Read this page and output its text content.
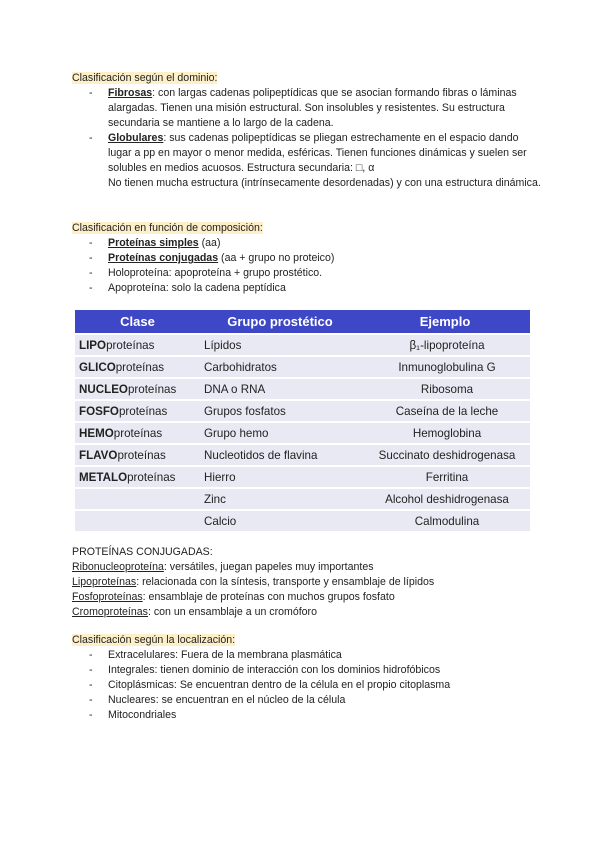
Clasificación según el dominio:
- Fibrosas: con largas cadenas polipeptídicas que se asocian formando fibras o láminas alargadas. Tienen una misión estructural. Son insolubles y resistentes. Su estructura secundaria se mantiene a lo largo de la cadena.
- Globulares: sus cadenas polipeptídicas se pliegan estrechamente en el espacio dando lugar a pp en mayor o menor medida, esféricas. Tienen funciones dinámicas y suelen ser solubles en medios acuosos. Estructura secundaria: □, α
No tienen mucha estructura (intrínsecamente desordenadas) y con una estructura dinámica.
Clasificación en función de composición:
- Proteínas simples (aa)
- Proteínas conjugadas (aa + grupo no proteico)
- Holoproteína: apoproteína + grupo prostético.
- Apoproteína: solo la cadena peptídica
Clase	Grupo prostético	Ejemplo
LIPOproteínas	Lípidos	β₁-lipoproteína
GLICOproteínas	Carbohidratos	Inmunoglobulina G
NUCLEOproteínas	DNA o RNA	Ribosoma
FOSFOproteínas	Grupos fosfatos	Caseína de la leche
HEMOproteínas	Grupo hemo	Hemoglobina
FLAVOproteínas	Nucleotidos de flavina	Succinato deshidrogenasa
METALOproteínas	Hierro	Ferritina
	Zinc	Alcohol deshidrogenasa
	Calcio	Calmodulina
PROTEÍNAS CONJUGADAS:
Ribonucleoproteína: versátiles, juegan papeles muy importantes
Lipoproteínas: relacionada con la síntesis, transporte y ensamblaje de lípidos
Fosfoproteínas: ensamblaje de proteínas con muchos grupos fosfato
Cromoproteínas: con un ensamblaje a un cromóforo
Clasificación según la localización:
- Extracelulares: Fuera de la membrana plasmática
- Integrales: tienen dominio de interacción con los dominios hidrofóbicos
- Citoplásmicas: Se encuentran dentro de la célula en el propio citoplasma
- Nucleares: se encuentran en el núcleo de la célula
- Mitocondriales
